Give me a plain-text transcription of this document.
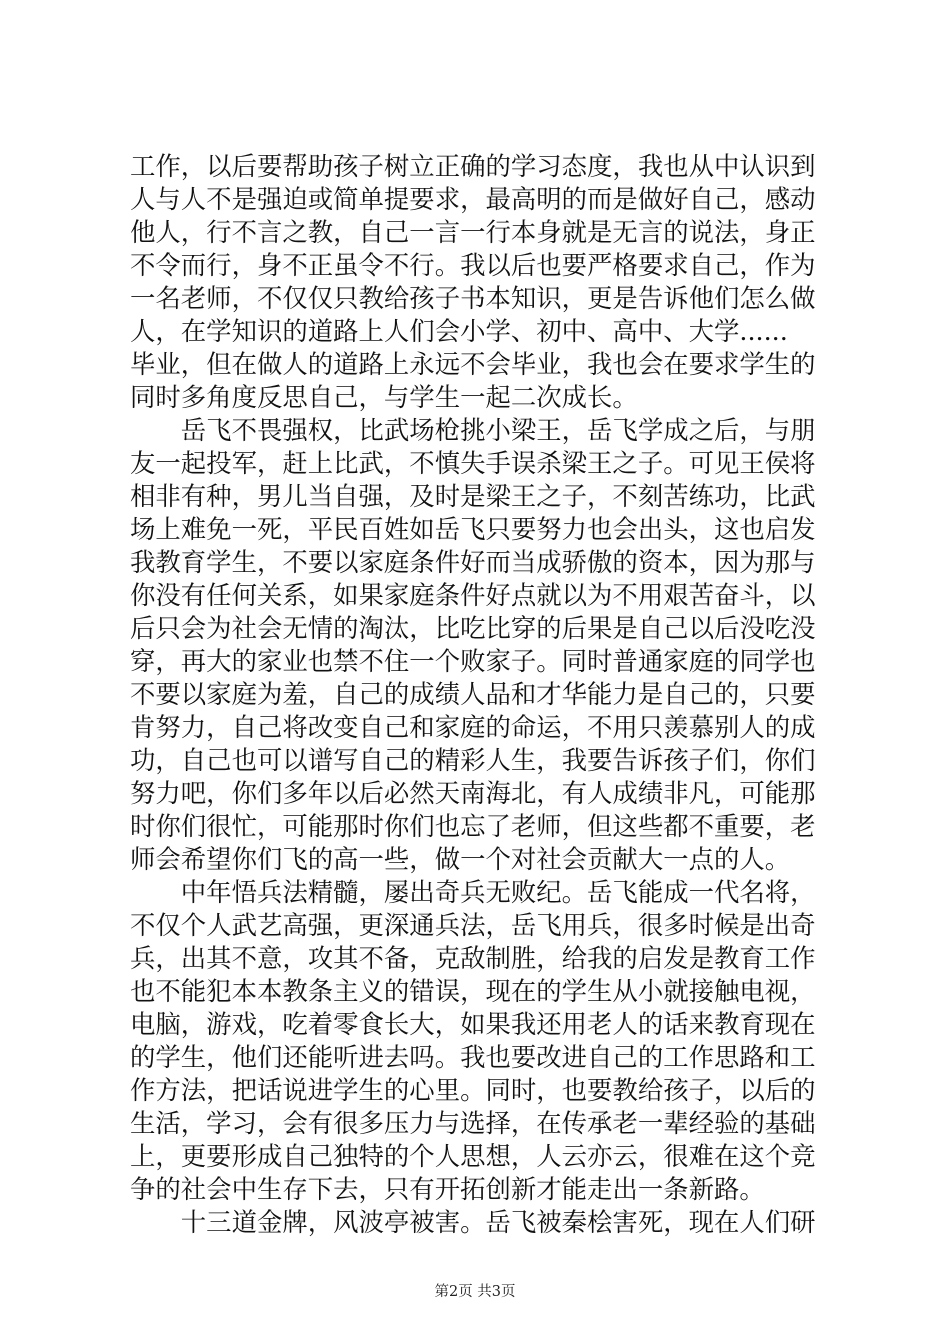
工作，以后要帮助孩子树立正确的学习态度，我也从中认识到
人与人不是强迫或简单提要求，最高明的而是做好自己，感动
他人，行不言之教，自己一言一行本身就是无言的说法，身正
不令而行，身不正虽令不行。我以后也要严格要求自己，作为
一名老师，不仅仅只教给孩子书本知识，更是告诉他们怎么做
人，在学知识的道路上人们会小学、初中、高中、大学......
毕业，但在做人的道路上永远不会毕业，我也会在要求学生的
同时多角度反思自己，与学生一起二次成长。
　　岳飞不畏强权，比武场枪挑小梁王，岳飞学成之后，与朋
友一起投军，赶上比武，不慎失手误杀梁王之子。可见王侯将
相非有种，男儿当自强，及时是梁王之子，不刻苦练功，比武
场上难免一死，平民百姓如岳飞只要努力也会出头，这也启发
我教育学生，不要以家庭条件好而当成骄傲的资本，因为那与
你没有任何关系，如果家庭条件好点就以为不用艰苦奋斗，以
后只会为社会无情的淘汰，比吃比穿的后果是自己以后没吃没
穿，再大的家业也禁不住一个败家子。同时普通家庭的同学也
不要以家庭为羞，自己的成绩人品和才华能力是自己的，只要
肯努力，自己将改变自己和家庭的命运，不用只羡慕别人的成
功，自己也可以谱写自己的精彩人生，我要告诉孩子们，你们
努力吧，你们多年以后必然天南海北，有人成绩非凡，可能那
时你们很忙，可能那时你们也忘了老师，但这些都不重要，老
师会希望你们飞的高一些，做一个对社会贡献大一点的人。
　　中年悟兵法精髓，屡出奇兵无败纪。岳飞能成一代名将，
不仅个人武艺高强，更深通兵法，岳飞用兵，很多时候是出奇
兵，出其不意，攻其不备，克敌制胜，给我的启发是教育工作
也不能犯本本教条主义的错误，现在的学生从小就接触电视，
电脑，游戏，吃着零食长大，如果我还用老人的话来教育现在
的学生，他们还能听进去吗。我也要改进自己的工作思路和工
作方法，把话说进学生的心里。同时，也要教给孩子，以后的
生活，学习，会有很多压力与选择，在传承老一辈经验的基础
上，更要形成自己独特的个人思想，人云亦云，很难在这个竞
争的社会中生存下去，只有开拓创新才能走出一条新路。
　　十三道金牌，风波亭被害。岳飞被秦桧害死，现在人们研
第2页 共3页
